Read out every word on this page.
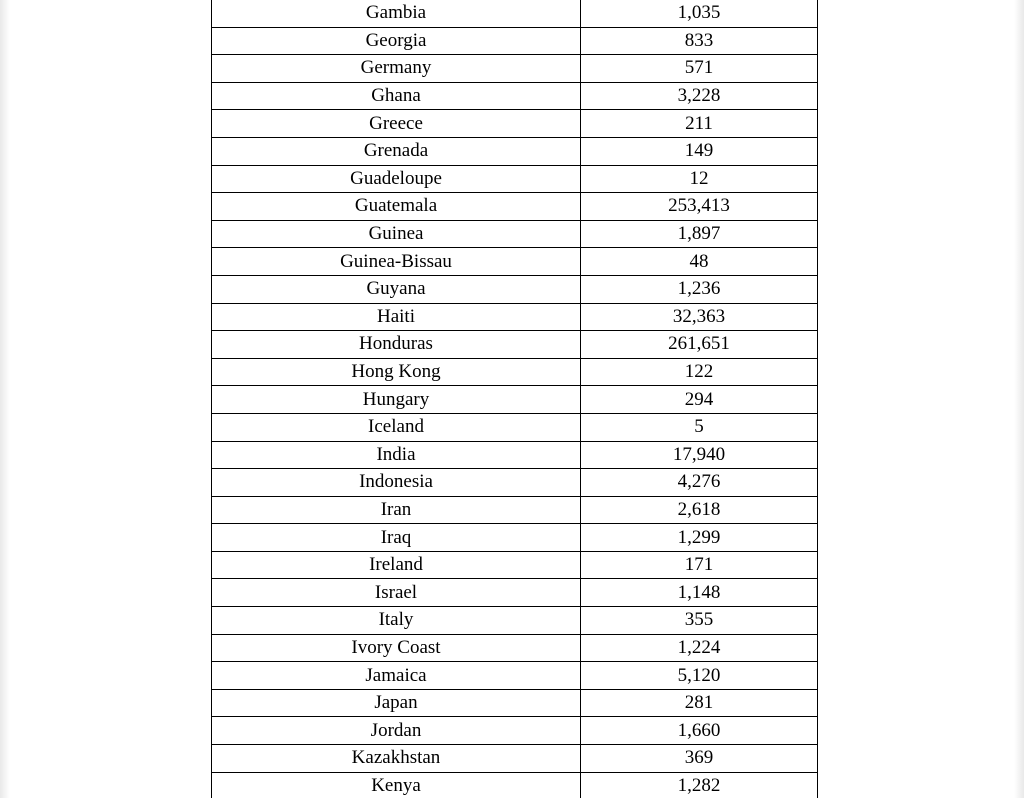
Gambia	1,035
Georgia	833
Germany	571
Ghana	3,228
Greece	211
Grenada	149
Guadeloupe	12
Guatemala	253,413
Guinea	1,897
Guinea-Bissau	48
Guyana	1,236
Haiti	32,363
Honduras	261,651
Hong Kong	122
Hungary	294
Iceland	5
India	17,940
Indonesia	4,276
Iran	2,618
Iraq	1,299
Ireland	171
Israel	1,148
Italy	355
Ivory Coast	1,224
Jamaica	5,120
Japan	281
Jordan	1,660
Kazakhstan	369
Kenya	1,282
